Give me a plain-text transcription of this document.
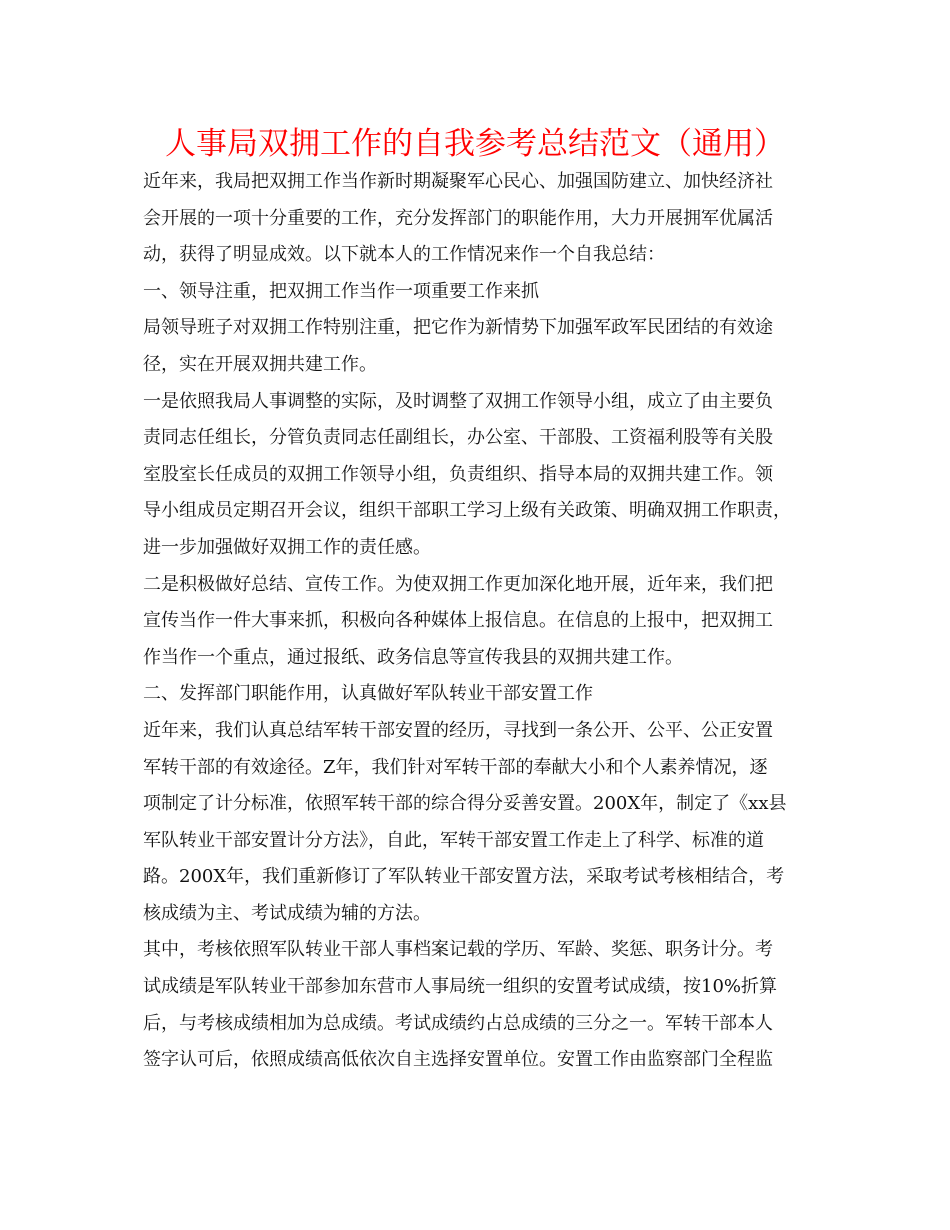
人事局双拥工作的自我参考总结范文（通用）

近年来，我局把双拥工作当作新时期凝聚军心民心、加强国防建立、加快经济社

会开展的一项十分重要的工作，充分发挥部门的职能作用，大力开展拥军优属活

动，获得了明显成效。以下就本人的工作情况来作一个自我总结：

一、领导注重，把双拥工作当作一项重要工作来抓

局领导班子对双拥工作特别注重，把它作为新情势下加强军政军民团结的有效途

径，实在开展双拥共建工作。

一是依照我局人事调整的实际，及时调整了双拥工作领导小组，成立了由主要负

责同志任组长，分管负责同志任副组长，办公室、干部股、工资福利股等有关股

室股室长任成员的双拥工作领导小组，负责组织、指导本局的双拥共建工作。领

导小组成员定期召开会议，组织干部职工学习上级有关政策、明确双拥工作职责，

进一步加强做好双拥工作的责任感。

二是积极做好总结、宣传工作。为使双拥工作更加深化地开展，近年来，我们把

宣传当作一件大事来抓，积极向各种媒体上报信息。在信息的上报中，把双拥工

作当作一个重点，通过报纸、政务信息等宣传我县的双拥共建工作。

二、发挥部门职能作用，认真做好军队转业干部安置工作

近年来，我们认真总结军转干部安置的经历，寻找到一条公开、公平、公正安置

军转干部的有效途径。Z年，我们针对军转干部的奉献大小和个人素养情况，逐

项制定了计分标准，依照军转干部的综合得分妥善安置。200X年，制定了《xx县

军队转业干部安置计分方法》，自此，军转干部安置工作走上了科学、标准的道

路。200X年，我们重新修订了军队转业干部安置方法，采取考试考核相结合，考

核成绩为主、考试成绩为辅的方法。

其中，考核依照军队转业干部人事档案记载的学历、军龄、奖惩、职务计分。考

试成绩是军队转业干部参加东营市人事局统一组织的安置考试成绩，按10%折算

后，与考核成绩相加为总成绩。考试成绩约占总成绩的三分之一。军转干部本人

签字认可后，依照成绩高低依次自主选择安置单位。安置工作由监察部门全程监
